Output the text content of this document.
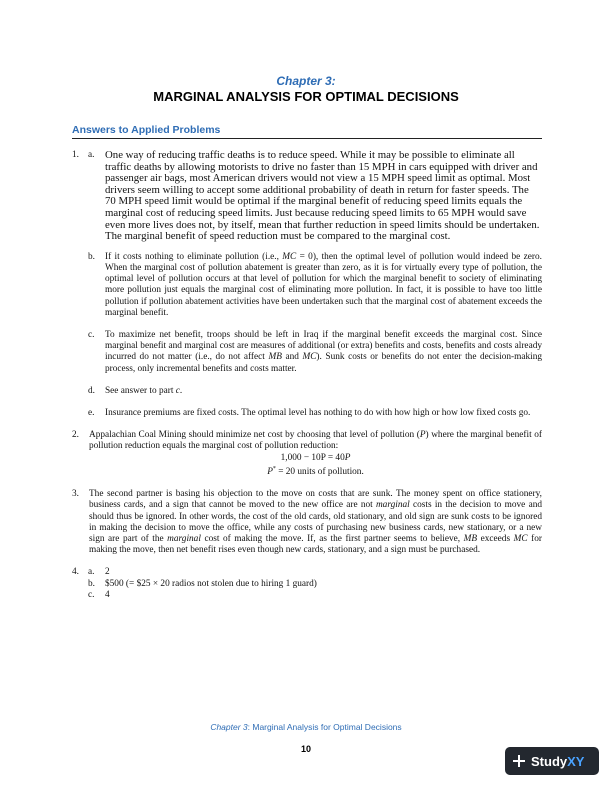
Chapter 3:
MARGINAL ANALYSIS FOR OPTIMAL DECISIONS
Answers to Applied Problems
1. a. One way of reducing traffic deaths is to reduce speed. While it may be possible to eliminate all traffic deaths by allowing motorists to drive no faster than 15 MPH in cars equipped with driver and passenger air bags, most American drivers would not view a 15 MPH speed limit as optimal. Most drivers seem willing to accept some additional probability of death in return for faster speeds. The 70 MPH speed limit would be optimal if the marginal benefit of reducing speed limits equals the marginal cost of reducing speed limits. Just because reducing speed limits to 65 MPH would save even more lives does not, by itself, mean that further reduction in speed limits should be undertaken. The marginal benefit of speed reduction must be compared to the marginal cost.
b. If it costs nothing to eliminate pollution (i.e., MC = 0), then the optimal level of pollution would indeed be zero. When the marginal cost of pollution abatement is greater than zero, as it is for virtually every type of pollution, the optimal level of pollution occurs at that level of pollution for which the marginal benefit to society of eliminating more pollution just equals the marginal cost of eliminating more pollution. In fact, it is possible to have too little pollution if pollution abatement activities have been undertaken such that the marginal cost of abatement exceeds the marginal benefit.
c. To maximize net benefit, troops should be left in Iraq if the marginal benefit exceeds the marginal cost. Since marginal benefit and marginal cost are measures of additional (or extra) benefits and costs, benefits and costs already incurred do not matter (i.e., do not affect MB and MC). Sunk costs or benefits do not enter the decision-making process, only incremental benefits and costs matter.
d. See answer to part c.
e. Insurance premiums are fixed costs. The optimal level has nothing to do with how high or how low fixed costs go.
2. Appalachian Coal Mining should minimize net cost by choosing that level of pollution (P) where the marginal benefit of pollution reduction equals the marginal cost of pollution reduction:
1,000 − 10P = 40P
P* = 20 units of pollution.
3. The second partner is basing his objection to the move on costs that are sunk. The money spent on office stationery, business cards, and a sign that cannot be moved to the new office are not marginal costs in the decision to move and should thus be ignored. In other words, the cost of the old cards, old stationary, and old sign are sunk costs to be ignored in making the decision to move the office, while any costs of purchasing new business cards, new stationary, or a new sign are part of the marginal cost of making the move. If, as the first partner seems to believe, MB exceeds MC for making the move, then net benefit rises even though new cards, stationary, and a sign must be purchased.
4. a. 2
b. $500 (= $25 × 20 radios not stolen due to hiring 1 guard)
c. 4
Chapter 3: Marginal Analysis for Optimal Decisions
10
StudyXY
